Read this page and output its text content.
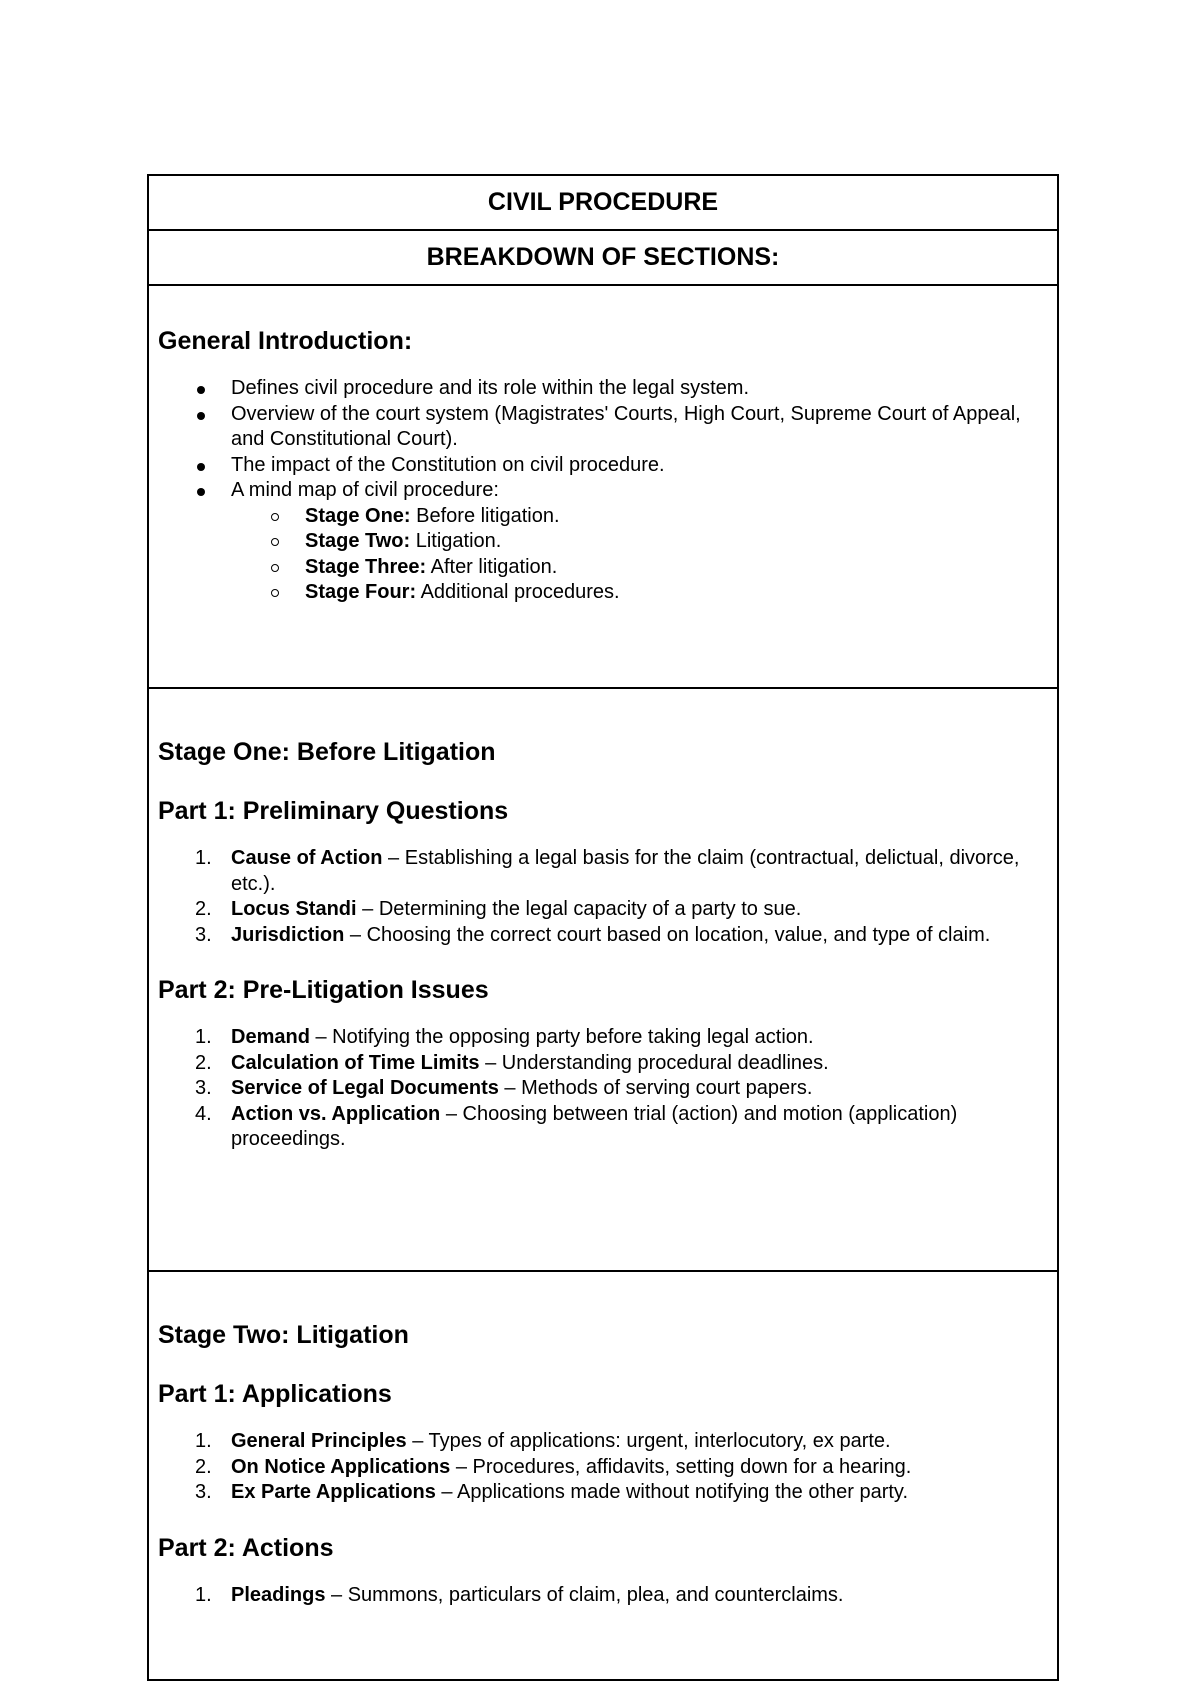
CIVIL PROCEDURE
BREAKDOWN OF SECTIONS:
General Introduction:
Defines civil procedure and its role within the legal system.
Overview of the court system (Magistrates' Courts, High Court, Supreme Court of Appeal, and Constitutional Court).
The impact of the Constitution on civil procedure.
A mind map of civil procedure:
Stage One: Before litigation.
Stage Two: Litigation.
Stage Three: After litigation.
Stage Four: Additional procedures.
Stage One: Before Litigation
Part 1: Preliminary Questions
1. Cause of Action – Establishing a legal basis for the claim (contractual, delictual, divorce, etc.).
2. Locus Standi – Determining the legal capacity of a party to sue.
3. Jurisdiction – Choosing the correct court based on location, value, and type of claim.
Part 2: Pre-Litigation Issues
1. Demand – Notifying the opposing party before taking legal action.
2. Calculation of Time Limits – Understanding procedural deadlines.
3. Service of Legal Documents – Methods of serving court papers.
4. Action vs. Application – Choosing between trial (action) and motion (application) proceedings.
Stage Two: Litigation
Part 1: Applications
1. General Principles – Types of applications: urgent, interlocutory, ex parte.
2. On Notice Applications – Procedures, affidavits, setting down for a hearing.
3. Ex Parte Applications – Applications made without notifying the other party.
Part 2: Actions
1. Pleadings – Summons, particulars of claim, plea, and counterclaims.
